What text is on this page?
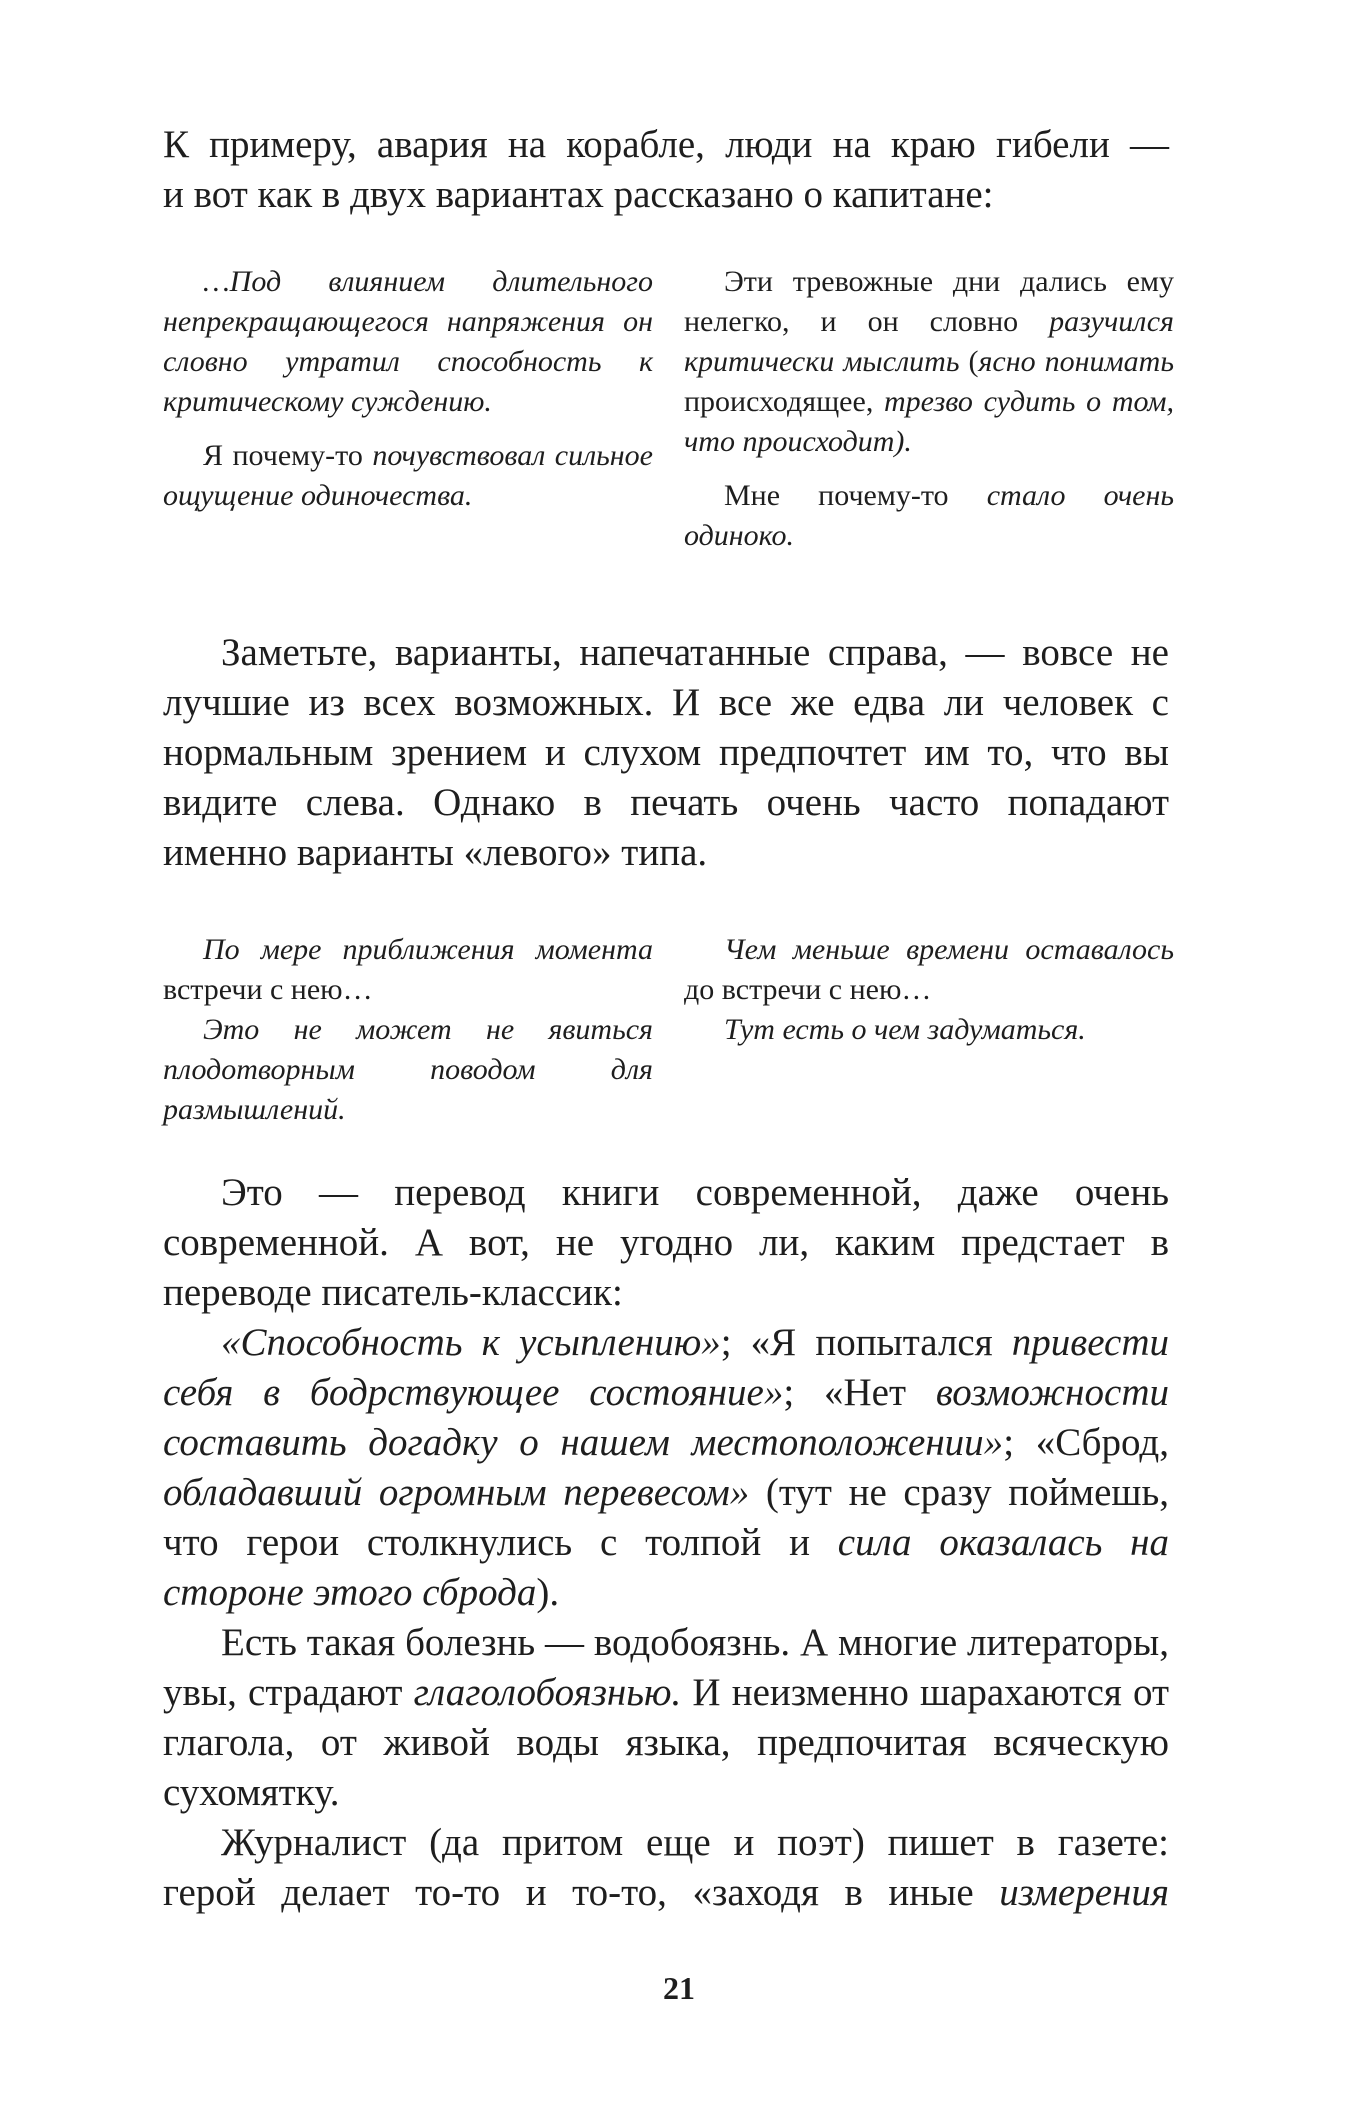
К примеру, авария на корабле, люди на краю гибели —
и вот как в двух вариантах рассказано о капитане:

…Под влиянием длительного непрекращающегося напряжения он словно утратил способность к критическому суждению.

Я почему-то почувствовал сильное ощущение одиночества.

Эти тревожные дни дались ему нелегко, и он словно разучился критически мыслить (ясно понимать происходящее, трезво судить о том, что происходит).

Мне почему-то стало очень одиноко.

Заметьте, варианты, напечатанные справа, — вовсе не лучшие из всех возможных. И все же едва ли человек с нормальным зрением и слухом предпочтет им то, что вы видите слева. Однако в печать очень часто попадают именно варианты «левого» типа.

По мере приближения момента встречи с нею…

Это не может не явиться плодотворным поводом для размышлений.

Чем меньше времени оставалось до встречи с нею…

Тут есть о чем задуматься.

Это — перевод книги современной, даже очень современной. А вот, не угодно ли, каким предстает в переводе писатель-классик:

«Способность к усыплению»; «Я попытался привести себя в бодрствующее состояние»; «Нет возможности составить догадку о нашем местоположении»; «Сброд, обладавший огромным перевесом» (тут не сразу поймешь, что герои столкнулись с толпой и сила оказалась на стороне этого сброда).

Есть такая болезнь — водобоязнь. А многие литераторы, увы, страдают глаголобоязнью. И неизменно шарахаются от глагола, от живой воды языка, предпочитая всяческую сухомятку.

Журналист (да притом еще и поэт) пишет в газете:
герой делает то-то и то-то, «заходя в иные измерения

21
